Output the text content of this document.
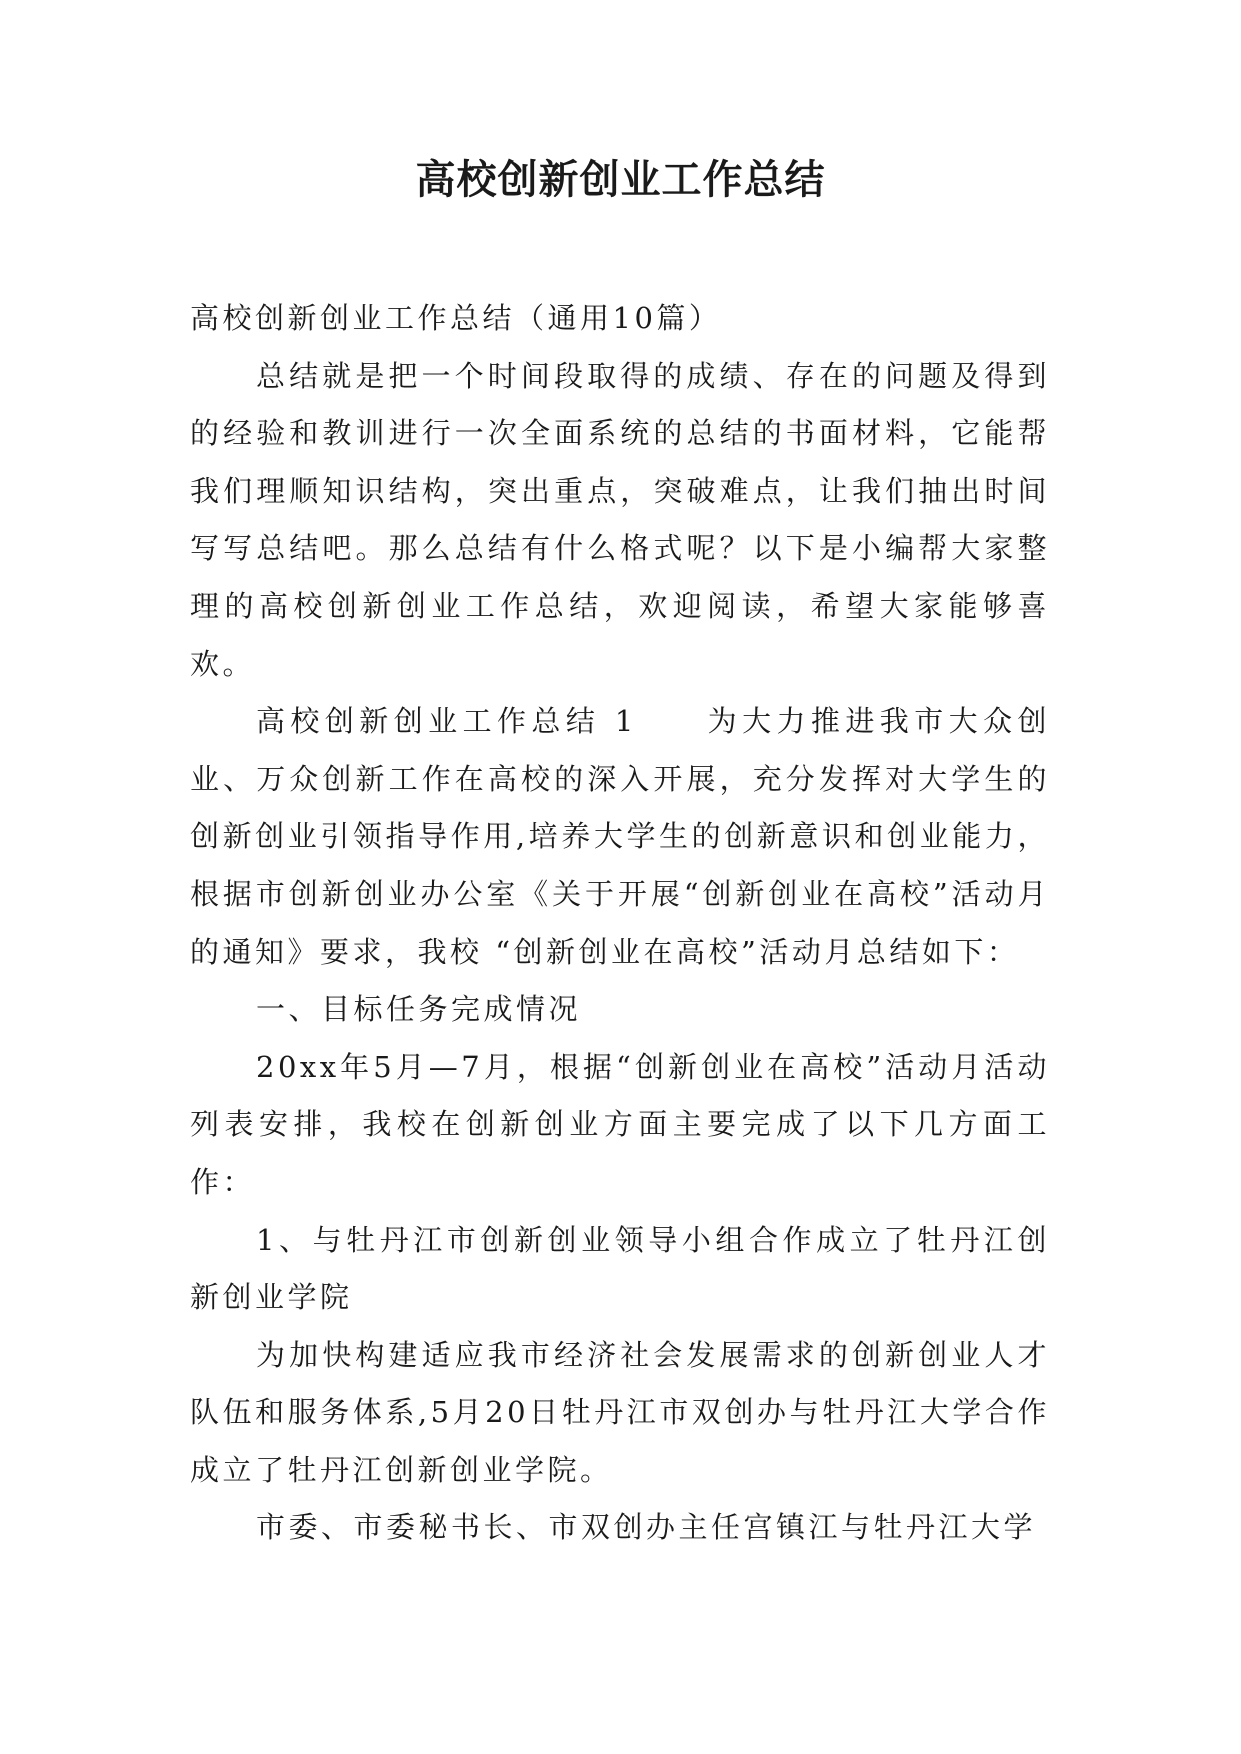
高校创新创业工作总结

高校创新创业工作总结（通用10篇）

总结就是把一个时间段取得的成绩、存在的问题及得到的经验和教训进行一次全面系统的总结的书面材料，它能帮我们理顺知识结构，突出重点，突破难点，让我们抽出时间写写总结吧。那么总结有什么格式呢？以下是小编帮大家整理的高校创新创业工作总结，欢迎阅读，希望大家能够喜欢。

高校创新创业工作总结 1　　为大力推进我市大众创业、万众创新工作在高校的深入开展，充分发挥对大学生的创新创业引领指导作用,培养大学生的创新意识和创业能力，根据市创新创业办公室《关于开展“创新创业在高校”活动月的通知》要求，我校 “创新创业在高校”活动月总结如下：

一、目标任务完成情况

20xx年5月—7月，根据“创新创业在高校”活动月活动列表安排，我校在创新创业方面主要完成了以下几方面工作：

1、与牡丹江市创新创业领导小组合作成立了牡丹江创新创业学院

为加快构建适应我市经济社会发展需求的创新创业人才队伍和服务体系,5月20日牡丹江市双创办与牡丹江大学合作成立了牡丹江创新创业学院。

市委、市委秘书长、市双创办主任宫镇江与牡丹江大学
